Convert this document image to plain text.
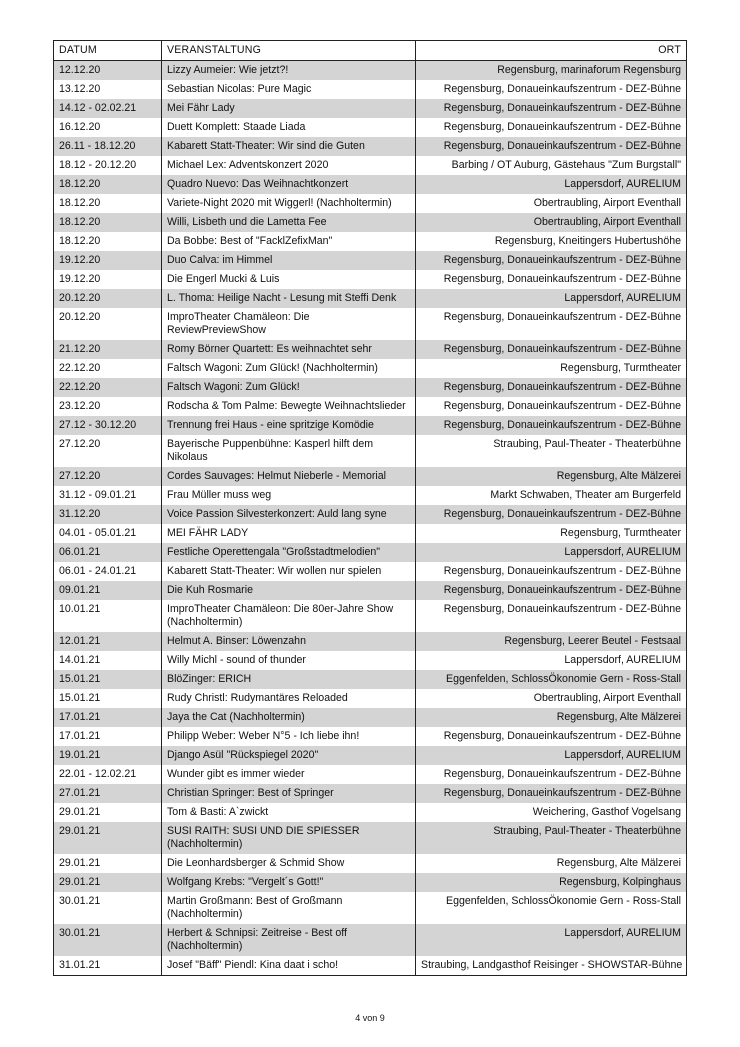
DATUM	VERANSTALTUNG	ORT
12.12.20	Lizzy Aumeier: Wie jetzt?!	Regensburg, marinaforum Regensburg
13.12.20	Sebastian Nicolas: Pure Magic	Regensburg, Donaueinkaufszentrum - DEZ-Bühne
14.12 - 02.02.21	Mei Fähr Lady	Regensburg, Donaueinkaufszentrum - DEZ-Bühne
16.12.20	Duett Komplett: Staade Liada	Regensburg, Donaueinkaufszentrum - DEZ-Bühne
26.11 - 18.12.20	Kabarett Statt-Theater: Wir sind die Guten	Regensburg, Donaueinkaufszentrum - DEZ-Bühne
18.12 - 20.12.20	Michael Lex: Adventskonzert 2020	Barbing / OT Auburg, Gästehaus "Zum Burgstall"
18.12.20	Quadro Nuevo: Das Weihnachtkonzert	Lappersdorf, AURELIUM
18.12.20	Variete-Night 2020 mit Wiggerl! (Nachholtermin)	Obertraubling, Airport Eventhall
18.12.20	Willi, Lisbeth und die Lametta Fee	Obertraubling, Airport Eventhall
18.12.20	Da Bobbe: Best of "FacklZefixMan"	Regensburg, Kneitingers Hubertushöhe
19.12.20	Duo Calva: im Himmel	Regensburg, Donaueinkaufszentrum - DEZ-Bühne
19.12.20	Die Engerl Mucki & Luis	Regensburg, Donaueinkaufszentrum - DEZ-Bühne
20.12.20	L. Thoma: Heilige Nacht - Lesung mit Steffi Denk	Lappersdorf, AURELIUM
20.12.20	ImproTheater Chamäleon: Die ReviewPreviewShow	Regensburg, Donaueinkaufszentrum - DEZ-Bühne
21.12.20	Romy Börner Quartett: Es weihnachtet sehr	Regensburg, Donaueinkaufszentrum - DEZ-Bühne
22.12.20	Faltsch Wagoni: Zum Glück! (Nachholtermin)	Regensburg, Turmtheater
22.12.20	Faltsch Wagoni: Zum Glück!	Regensburg, Donaueinkaufszentrum - DEZ-Bühne
23.12.20	Rodscha & Tom Palme: Bewegte Weihnachtslieder	Regensburg, Donaueinkaufszentrum - DEZ-Bühne
27.12 - 30.12.20	Trennung frei Haus - eine spritzige Komödie	Regensburg, Donaueinkaufszentrum - DEZ-Bühne
27.12.20	Bayerische Puppenbühne: Kasperl hilft dem Nikolaus	Straubing, Paul-Theater - Theaterbühne
27.12.20	Cordes Sauvages: Helmut Nieberle - Memorial	Regensburg, Alte Mälzerei
31.12 - 09.01.21	Frau Müller muss weg	Markt Schwaben, Theater am Burgerfeld
31.12.20	Voice Passion Silvesterkonzert: Auld lang syne	Regensburg, Donaueinkaufszentrum - DEZ-Bühne
04.01 - 05.01.21	MEI FÄHR LADY	Regensburg, Turmtheater
06.01.21	Festliche Operettengala "Großstadtmelodien"	Lappersdorf, AURELIUM
06.01 - 24.01.21	Kabarett Statt-Theater: Wir wollen nur spielen	Regensburg, Donaueinkaufszentrum - DEZ-Bühne
09.01.21	Die Kuh Rosmarie	Regensburg, Donaueinkaufszentrum - DEZ-Bühne
10.01.21	ImproTheater Chamäleon: Die 80er-Jahre Show (Nachholtermin)	Regensburg, Donaueinkaufszentrum - DEZ-Bühne
12.01.21	Helmut A. Binser: Löwenzahn	Regensburg, Leerer Beutel - Festsaal
14.01.21	Willy Michl - sound of thunder	Lappersdorf, AURELIUM
15.01.21	BlöZinger: ERICH	Eggenfelden, SchlossÖkonomie Gern - Ross-Stall
15.01.21	Rudy Christl: Rudymantäres Reloaded	Obertraubling, Airport Eventhall
17.01.21	Jaya the Cat (Nachholtermin)	Regensburg, Alte Mälzerei
17.01.21	Philipp Weber: Weber N°5 - Ich liebe ihn!	Regensburg, Donaueinkaufszentrum - DEZ-Bühne
19.01.21	Django Asül "Rückspiegel 2020"	Lappersdorf, AURELIUM
22.01 - 12.02.21	Wunder gibt es immer wieder	Regensburg, Donaueinkaufszentrum - DEZ-Bühne
27.01.21	Christian Springer: Best of Springer	Regensburg, Donaueinkaufszentrum - DEZ-Bühne
29.01.21	Tom & Basti: A`zwickt	Weichering, Gasthof Vogelsang
29.01.21	SUSI RAITH: SUSI UND DIE SPIESSER (Nachholtermin)	Straubing, Paul-Theater - Theaterbühne
29.01.21	Die Leonhardsberger & Schmid Show	Regensburg, Alte Mälzerei
29.01.21	Wolfgang Krebs: "Vergelt´s Gott!"	Regensburg, Kolpinghaus
30.01.21	Martin Großmann: Best of Großmann (Nachholtermin)	Eggenfelden, SchlossÖkonomie Gern - Ross-Stall
30.01.21	Herbert & Schnipsi: Zeitreise - Best off (Nachholtermin)	Lappersdorf, AURELIUM
31.01.21	Josef "Bäff" Piendl: Kina daat i scho!	Straubing, Landgasthof Reisinger - SHOWSTAR-Bühne
4 von 9
